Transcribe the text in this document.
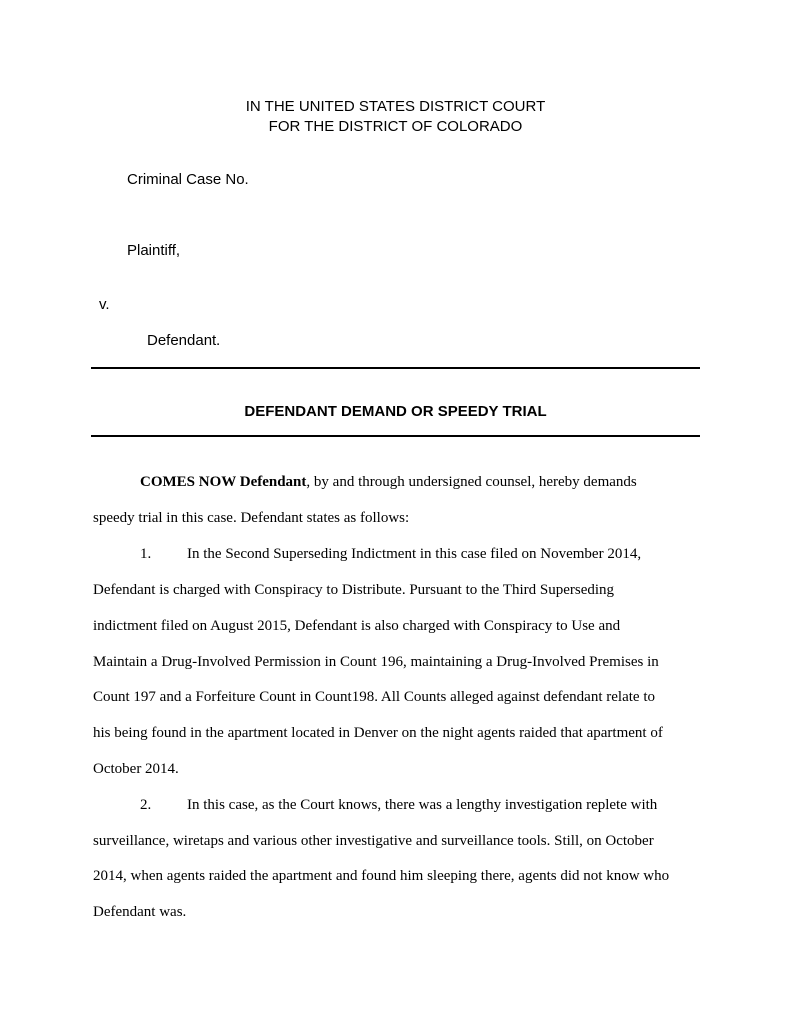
IN THE UNITED STATES DISTRICT COURT
FOR THE DISTRICT OF COLORADO
Criminal Case No.
Plaintiff,
v.
Defendant.
DEFENDANT DEMAND OR SPEEDY TRIAL
COMES NOW Defendant, by and through undersigned counsel, hereby demands
speedy trial in this case. Defendant states as follows:
1. In the Second Superseding Indictment in this case filed on November 2014,
Defendant is charged with Conspiracy to Distribute. Pursuant to the Third Superseding
indictment filed on August 2015, Defendant is also charged with Conspiracy to Use and
Maintain a Drug-Involved Permission in Count 196, maintaining a Drug-Involved Premises in
Count 197 and a Forfeiture Count in Count198. All Counts alleged against defendant relate to
his being found in the apartment located in Denver on the night agents raided that apartment of
October 2014.
2. In this case, as the Court knows, there was a lengthy investigation replete with
surveillance, wiretaps and various other investigative and surveillance tools. Still, on October
2014, when agents raided the apartment and found him sleeping there, agents did not know who
Defendant was.
